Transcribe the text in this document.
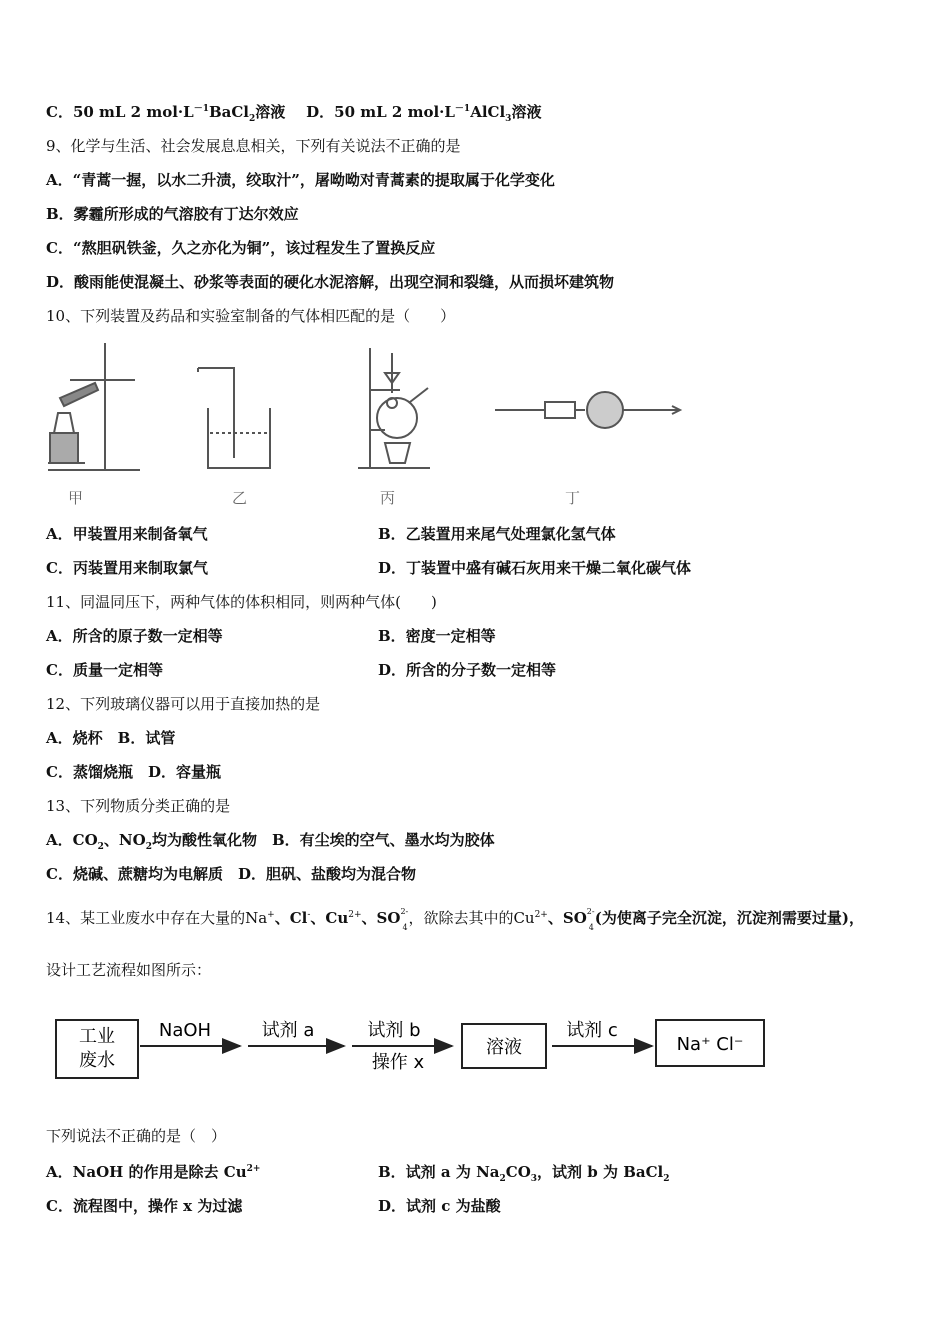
C．50 mL 2 $mol\cdot L^{-1}BaCl_2$溶液 D．50 mL 2 $mol\cdot L^{-1}AlCl_3$溶液
9、化学与生活、社会发展息息相关，下列有关说法不正确的是
A．“青蒿一握，以水二升渍，绞取汁”，屠呦呦对青蒿素的提取属于化学变化
B．雾霾所形成的气溶胶有丁达尔效应
C．“熬胆矾铁釜，久之亦化为铜”，该过程发生了置换反应
D．酸雨能使混凝土、砂浆等表面的硬化水泥溶解，出现空洞和裂缝，从而损坏建筑物
10、下列装置及药品和实验室制备的气体相匹配的是（　　）
甲	乙	丙	丁
A．甲装置用来制备氧气	B．乙装置用来尾气处理氯化氢气体
C．丙装置用来制取氯气	D．丁装置中盛有碱石灰用来干燥二氧化碳气体
11、同温同压下，两种气体的体积相同，则两种气体(　　)
A．所含的原子数一定相等	B．密度一定相等
C．质量一定相等	D．所含的分子数一定相等
12、下列玻璃仪器可以用于直接加热的是
A．烧杯　B．试管
C．蒸馏烧瓶　D．容量瓶
13、下列物质分类正确的是
A．$CO_2$、$NO_2$均为酸性氧化物　B．有尘埃的空气、墨水均为胶体
C．烧碱、蔗糖均为电解质　D．胆矾、盐酸均为混合物
14、某工业废水中存在大量的Na+、Cl-、$Cu^{2+}$、SO 2-
4
，欲除去其中的$Cu^{2+}$、SO 2-
4
(为使离子完全沉淀，沉淀剂需要过量)，
设计工艺流程如图所示：
工业
废水
NaOH	试剂 a	试剂 b
操作 x
溶液
试剂 c
Na⁺ Cl⁻
下列说法不正确的是（　）
A．NaOH 的作用是除去 $Cu^{2+}$	B．试剂 a 为 $Na_2CO_3$，试剂 b 为 BaCl$_2$
C．流程图中，操作 x 为过滤	D．试剂 c 为盐酸
